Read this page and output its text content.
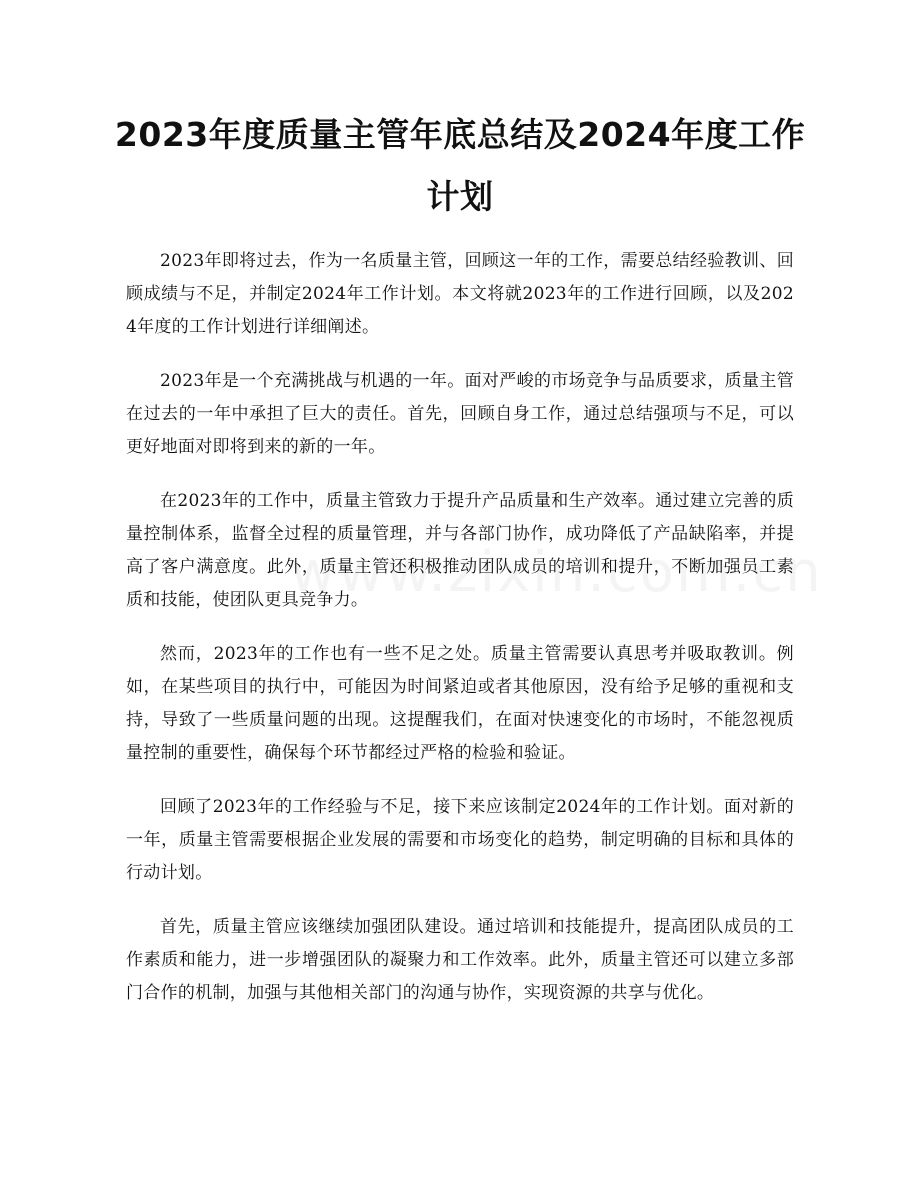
2023年度质量主管年底总结及2024年度工作计划

2023年即将过去，作为一名质量主管，回顾这一年的工作，需要总结经验教训、回顾成绩与不足，并制定2024年工作计划。本文将就2023年的工作进行回顾，以及2024年度的工作计划进行详细阐述。

2023年是一个充满挑战与机遇的一年。面对严峻的市场竞争与品质要求，质量主管在过去的一年中承担了巨大的责任。首先，回顾自身工作，通过总结强项与不足，可以更好地面对即将到来的新的一年。

在2023年的工作中，质量主管致力于提升产品质量和生产效率。通过建立完善的质量控制体系，监督全过程的质量管理，并与各部门协作，成功降低了产品缺陷率，并提高了客户满意度。此外，质量主管还积极推动团队成员的培训和提升，不断加强员工素质和技能，使团队更具竞争力。

然而，2023年的工作也有一些不足之处。质量主管需要认真思考并吸取教训。例如，在某些项目的执行中，可能因为时间紧迫或者其他原因，没有给予足够的重视和支持，导致了一些质量问题的出现。这提醒我们，在面对快速变化的市场时，不能忽视质量控制的重要性，确保每个环节都经过严格的检验和验证。

回顾了2023年的工作经验与不足，接下来应该制定2024年的工作计划。面对新的一年，质量主管需要根据企业发展的需要和市场变化的趋势，制定明确的目标和具体的行动计划。

首先，质量主管应该继续加强团队建设。通过培训和技能提升，提高团队成员的工作素质和能力，进一步增强团队的凝聚力和工作效率。此外，质量主管还可以建立多部门合作的机制，加强与其他相关部门的沟通与协作，实现资源的共享与优化。
